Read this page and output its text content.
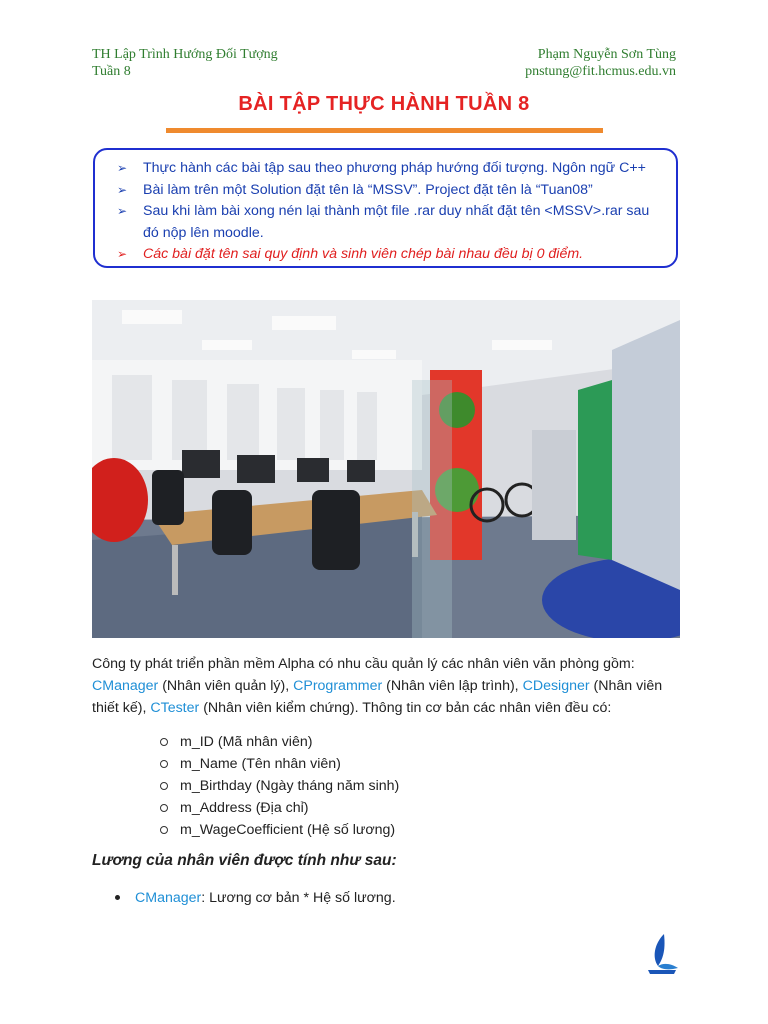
TH Lập Trình Hướng Đối Tượng
Tuần 8
Phạm Nguyễn Sơn Tùng
pnstung@fit.hcmus.edu.vn
BÀI TẬP THỰC HÀNH TUẦN 8
➢ Thực hành các bài tập sau theo phương pháp hướng đối tượng. Ngôn ngữ C++
➢ Bài làm trên một Solution đặt tên là “MSSV”. Project đặt tên là “Tuan08”
➢ Sau khi làm bài xong nén lại thành một file .rar duy nhất đặt tên <MSSV>.rar sau đó nộp lên moodle.
➢ Các bài đặt tên sai quy định và sinh viên chép bài nhau đều bị 0 điểm.
Công ty phát triển phần mềm Alpha có nhu cầu quản lý các nhân viên văn phòng gồm: CManager (Nhân viên quản lý), CProgrammer (Nhân viên lập trình), CDesigner (Nhân viên thiết kế), CTester (Nhân viên kiểm chứng). Thông tin cơ bản các nhân viên đều có:
m_ID (Mã nhân viên)
m_Name (Tên nhân viên)
m_Birthday (Ngày tháng năm sinh)
m_Address (Địa chỉ)
m_WageCoefficient (Hệ số lương)
Lương của nhân viên được tính như sau:
CManager: Lương cơ bản * Hệ số lương.
